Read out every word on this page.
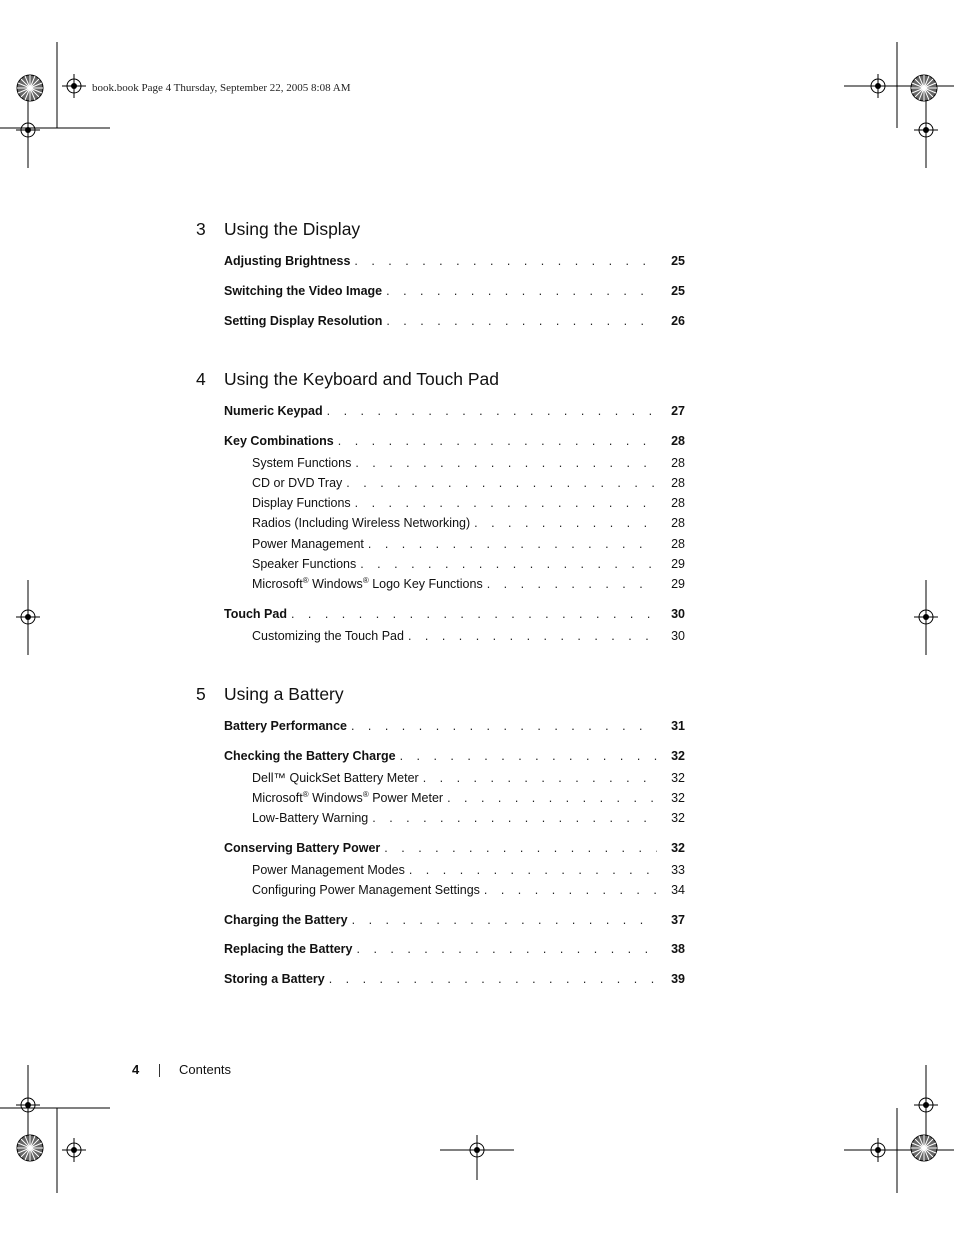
book.book Page 4 Thursday, September 22, 2005 8:08 AM
3 Using the Display
Adjusting Brightness . . .	25
Switching the Video Image . . .	25
Setting Display Resolution . . .	26
4 Using the Keyboard and Touch Pad
Numeric Keypad . . .	27
Key Combinations . . .	28
System Functions . . .	28
CD or DVD Tray . . .	28
Display Functions . . .	28
Radios (Including Wireless Networking) . . .	28
Power Management . . .	28
Speaker Functions . . .	29
Microsoft® Windows® Logo Key Functions . . .	29
Touch Pad . . .	30
Customizing the Touch Pad . . .	30
5 Using a Battery
Battery Performance . . .	31
Checking the Battery Charge . . .	32
Dell™ QuickSet Battery Meter . . .	32
Microsoft® Windows® Power Meter . . .	32
Low-Battery Warning . . .	32
Conserving Battery Power . . .	32
Power Management Modes . . .	33
Configuring Power Management Settings . . .	34
Charging the Battery . . .	37
Replacing the Battery . . .	38
Storing a Battery . . .	39
4	Contents
